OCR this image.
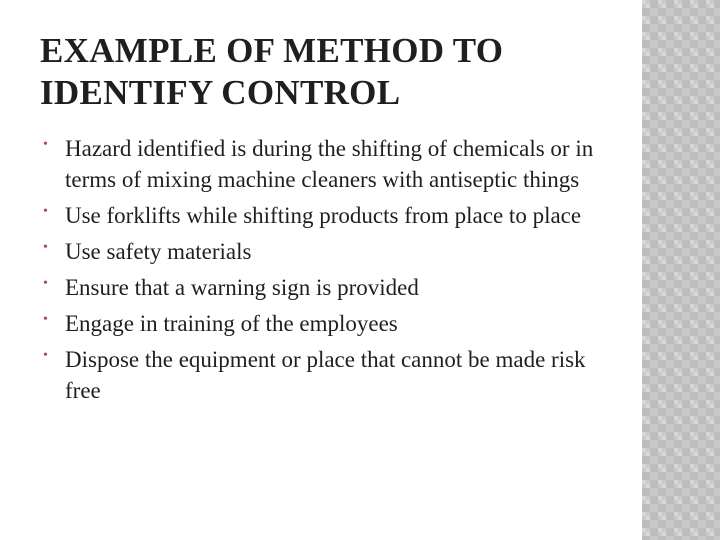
EXAMPLE OF METHOD TO IDENTIFY CONTROL
• Hazard identified is during the shifting of chemicals or in terms of mixing machine cleaners with antiseptic things
• Use forklifts while shifting products from place to place
• Use safety materials
• Ensure that a warning sign is provided
• Engage in training of the employees
• Dispose the equipment or place that cannot be made risk free
